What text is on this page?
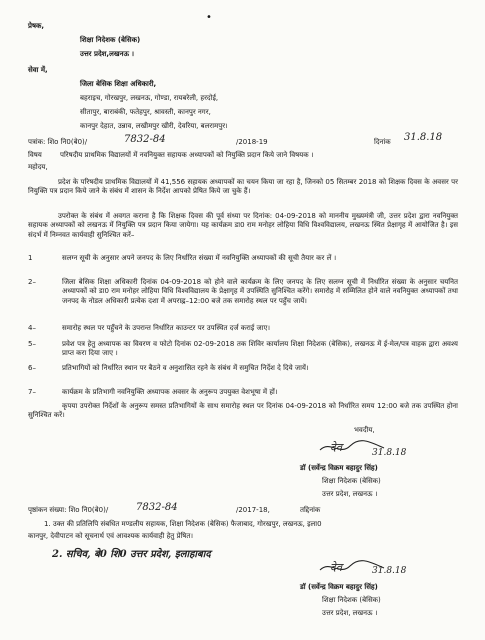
प्रेषक,
•
शिक्षा निदेशक (बेसिक)
उत्तर प्रदेश,लखनऊ ।
सेवा में,
जिला बेसिक शिक्षा अधिकारी,
बहराइच, गोरखपुर, लखनऊ, गोण्डा, रायबरेली, हरदोई,
सीतापुर, बाराबंकी, फतेहपुर, श्रावस्ती, कानपुर नगर,
कानपुर देहात, उन्नाव, लखीमपुर खीरी, देवरिया, बलरामपुर।
पत्रांक: शिo नि0(बे0)/	7832-84	/2018-19	दिनांक 31.8.18
विषय	परिषदीय प्राथमिक विद्यालयों में नवनियुक्त सहायक अध्यापकों को नियुक्ति प्रदान किये जाने विषयक ।
महोदय,
प्रदेश के परिषदीय प्राथमिक विद्यालयों में 41,556 सहायक अध्यापकों का चयन किया जा रहा है, जिनको 05 सितम्बर 2018 को शिक्षक दिवस के अवसर पर नियुक्ति पत्र प्रदान किये जाने के संबंध में शासन के निर्देश आपको प्रेषित किये जा चुके हैं।
उपरोक्त के संबंध में अवगत कराना है कि शिक्षक दिवस की पूर्व संध्या पर दिनांक: 04-09-2018 को माननीय मुख्यमंत्री जी, उत्तर प्रदेश द्वारा नवनियुक्त सहायक अध्यापकों को लखनऊ में नियुक्ति पत्र प्रदान किया जायेगा। यह कार्यक्रम डा0 राम मनोहर लोहिया विधि विश्वविद्यालय, लखनऊ स्थित प्रेक्षागृह में आयोजित है। इस संदर्भ में निम्नवत कार्यवाही सुनिश्चित करें–
1	सलग्न सूची के अनुसार अपने जनपद के लिए निर्धारित संख्या में नवनियुक्ति अध्यापकों की सूची तैयार कर लें ।
2–	जिला बेसिक शिक्षा अधिकारी दिनांक 04-09-2018 को होने वाले कार्यक्रम के लिए जनपद के लिए सलग्न सूची में निर्धारित संख्या के अनुसार चयनित अध्यापकों को डा0 राम मनोहर लोहिया विधि विश्वविद्यालय के प्रेक्षागृह में उपस्थिति सुनिश्चित करेंगे। समारोह में सम्मिलित होने वाले नवनियुक्त अध्यापकों तथा जनपद के नोडल अधिकारी प्रत्येक दशा में अपराह्न–12:00 बजे तक समारोह स्थल पर पहुँच जायें।
4–	समारोह स्थल पर पहुँचने के उपरान्त निर्धारित काउन्टर पर उपस्थित दर्ज कराई जाए।
5–	प्रवेश पत्र हेतु अध्यापक का विवरण व फोटो दिनांक 02-09-2018 तक शिविर कार्यालय शिक्षा निदेशक (बेसिक), लखनऊ में ई-मेल/पत्र वाहक द्वारा अवश्य प्राप्त करा दिया जाए ।
6–	प्रतिभागियों को निर्धारित स्थान पर बैठने व अनुशासित रहने के संबंध में समुचित निर्देश दे दिये जायें।
7–	कार्यक्रम के प्रतिभागी नवनियुक्ति अध्यापक अवसर के अनुरूप उपयुक्त वेशभूषा में हों।
कृपया उपरोक्त निर्देशों के अनुरूप समस्त प्रतिभागियों के साथ समारोह स्थल पर दिनांक 04-09-2018 को निर्धारित समय 12:00 बजे तक उपस्थित होना सुनिश्चित करें।
भवदीय,
देव	31.8.18
डॉ (सर्वेन्द्र विक्रम बहादुर सिंह)
शिक्षा निदेशक (बेसिक)
उत्तर प्रदेश, लखनऊ ।
पृष्ठांकन संख्या: शिo नि0(बे0)/	7832-84	/2017-18,	तद्दिनांक
1. उक्त की प्रतिलिपि संबधित मण्डलीय सहायक, शिक्षा निदेशक (बेसिक) फैजाबाद, गोरखपुर, लखनऊ, इला0
कानपुर, देवीपाटन को सूचनार्थ एवं आवश्यक कार्यवाही हेतु प्रेषित।
2. सचिव, बे0 शि0 उत्तर प्रदेश, इलाहाबाद
देव	31.8.18
डॉ (सर्वेन्द्र विक्रम बहादुर सिंह)
शिक्षा निदेशक (बेसिक)
उत्तर प्रदेश, लखनऊ ।
